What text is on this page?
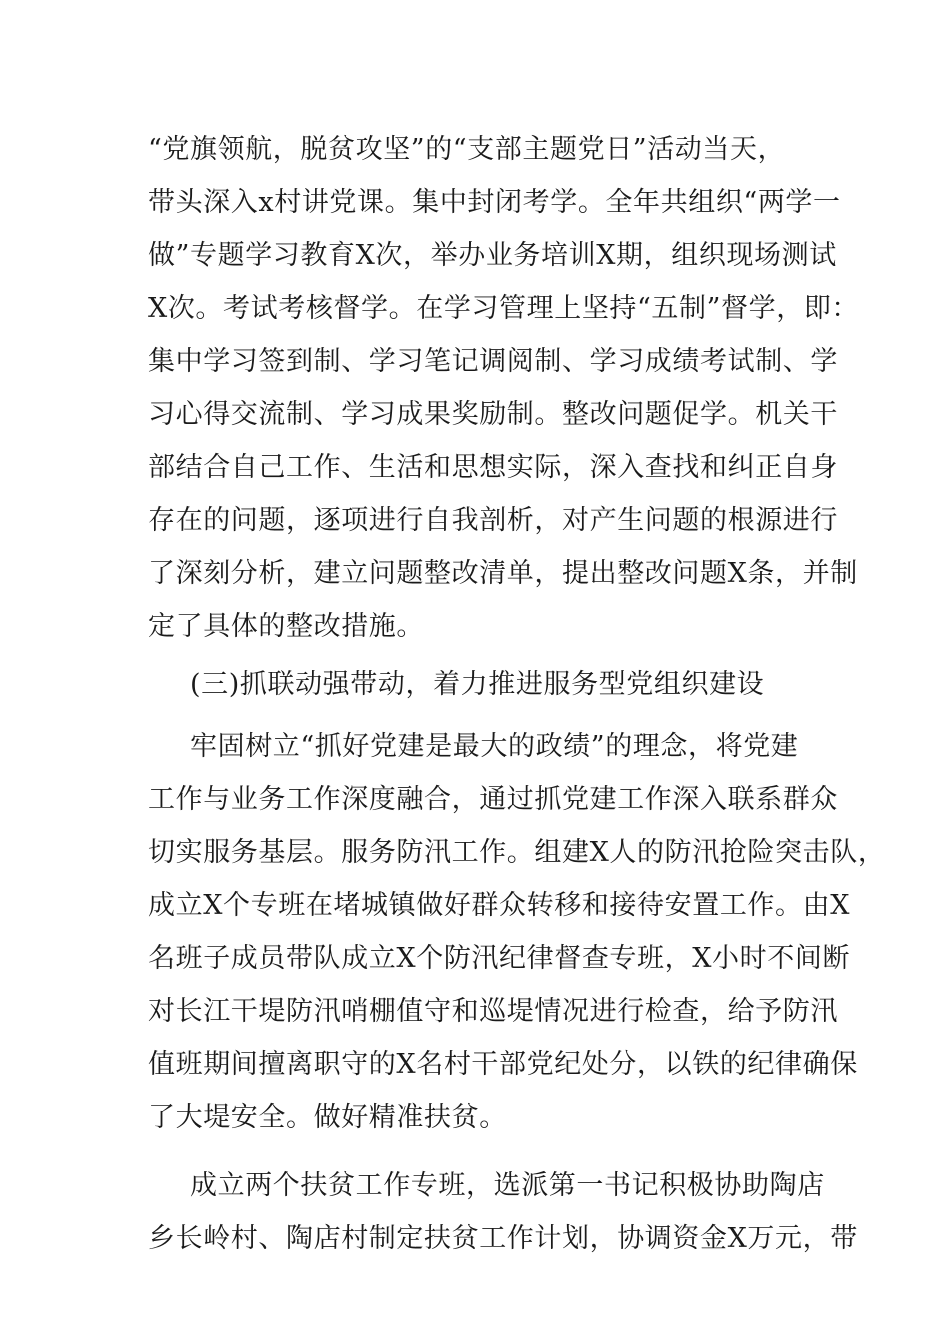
“党旗领航，脱贫攻坚”的“支部主题党日”活动当天，
带头深入x村讲党课。集中封闭考学。全年共组织“两学一
做”专题学习教育X次，举办业务培训X期，组织现场测试
X次。考试考核督学。在学习管理上坚持“五制”督学，即：
集中学习签到制、学习笔记调阅制、学习成绩考试制、学
习心得交流制、学习成果奖励制。整改问题促学。机关干
部结合自己工作、生活和思想实际，深入查找和纠正自身
存在的问题，逐项进行自我剖析，对产生问题的根源进行
了深刻分析，建立问题整改清单，提出整改问题X条，并制
定了具体的整改措施。
(三)抓联动强带动，着力推进服务型党组织建设
牢固树立“抓好党建是最大的政绩”的理念，将党建
工作与业务工作深度融合，通过抓党建工作深入联系群众
切实服务基层。服务防汛工作。组建X人的防汛抢险突击队，
成立X个专班在堵城镇做好群众转移和接待安置工作。由X
名班子成员带队成立X个防汛纪律督查专班，X小时不间断
对长江干堤防汛哨棚值守和巡堤情况进行检查，给予防汛
值班期间擅离职守的X名村干部党纪处分，以铁的纪律确保
了大堤安全。做好精准扶贫。
成立两个扶贫工作专班，选派第一书记积极协助陶店
乡长岭村、陶店村制定扶贫工作计划，协调资金X万元，带
